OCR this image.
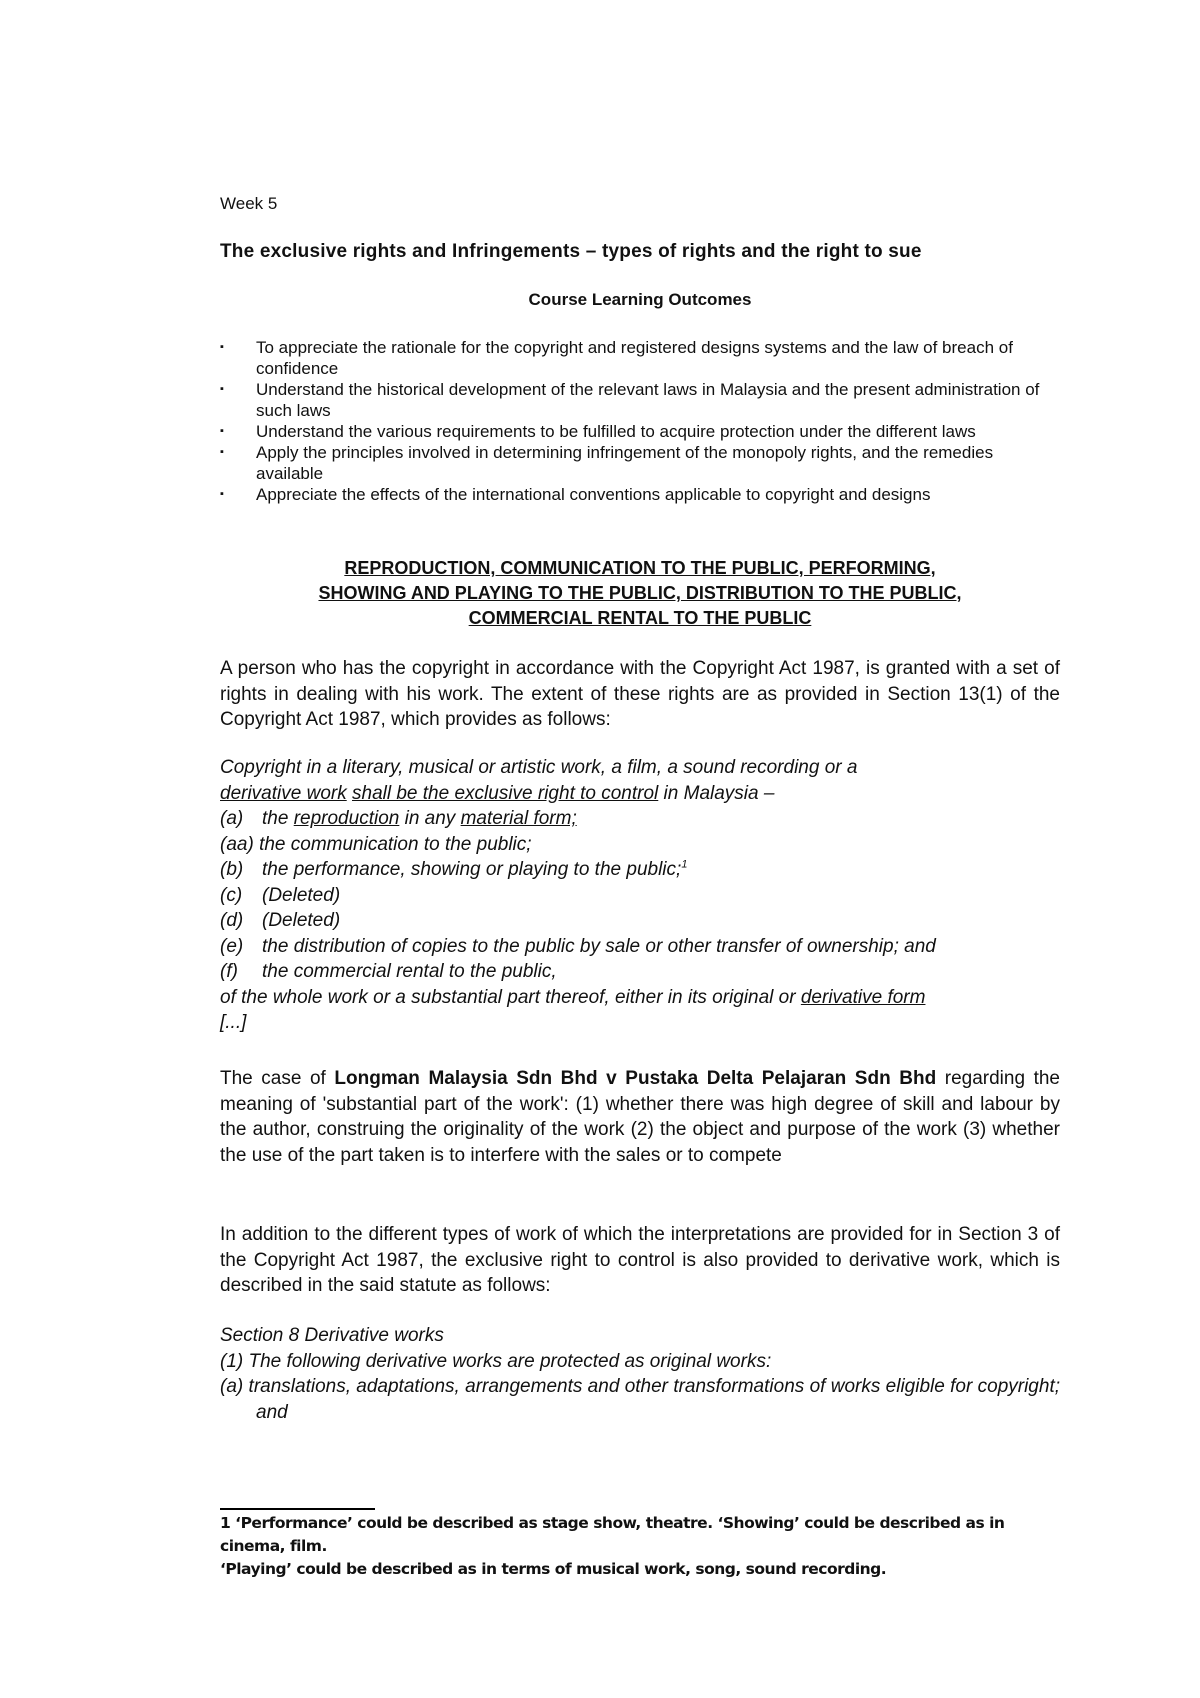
Week 5
The exclusive rights and Infringements – types of rights and the right to sue
Course Learning Outcomes
▪ To appreciate the rationale for the copyright and registered designs systems and the law of breach of confidence
▪ Understand the historical development of the relevant laws in Malaysia and the present administration of such laws
▪ Understand the various requirements to be fulfilled to acquire protection under the different laws
▪ Apply the principles involved in determining infringement of the monopoly rights, and the remedies available
▪ Appreciate the effects of the international conventions applicable to copyright and designs
REPRODUCTION, COMMUNICATION TO THE PUBLIC, PERFORMING,
SHOWING AND PLAYING TO THE PUBLIC, DISTRIBUTION TO THE PUBLIC,
COMMERCIAL RENTAL TO THE PUBLIC
A person who has the copyright in accordance with the Copyright Act 1987, is granted with a set of rights in dealing with his work. The extent of these rights are as provided in Section 13(1) of the Copyright Act 1987, which provides as follows:
Copyright in a literary, musical or artistic work, a film, a sound recording or a
derivative work shall be the exclusive right to control in Malaysia –
(a) the reproduction in any material form;
(aa) the communication to the public;
(b) the performance, showing or playing to the public;$^1$
(c) (Deleted)
(d) (Deleted)
(e) the distribution of copies to the public by sale or other transfer of ownership; and
(f) the commercial rental to the public,
of the whole work or a substantial part thereof, either in its original or derivative form
[...]
The case of Longman Malaysia Sdn Bhd v Pustaka Delta Pelajaran Sdn Bhd regarding the meaning of 'substantial part of the work': (1) whether there was high degree of skill and labour by the author, construing the originality of the work (2) the object and purpose of the work (3) whether the use of the part taken is to interfere with the sales or to compete
In addition to the different types of work of which the interpretations are provided for in Section 3 of the Copyright Act 1987, the exclusive right to control is also provided to derivative work, which is described in the said statute as follows:
Section 8 Derivative works
(1) The following derivative works are protected as original works:
(a) translations, adaptations, arrangements and other transformations of works eligible for copyright; and
1 ‘Performance’ could be described as stage show, theatre. ‘Showing’ could be described as in cinema, film.
‘Playing’ could be described as in terms of musical work, song, sound recording.
